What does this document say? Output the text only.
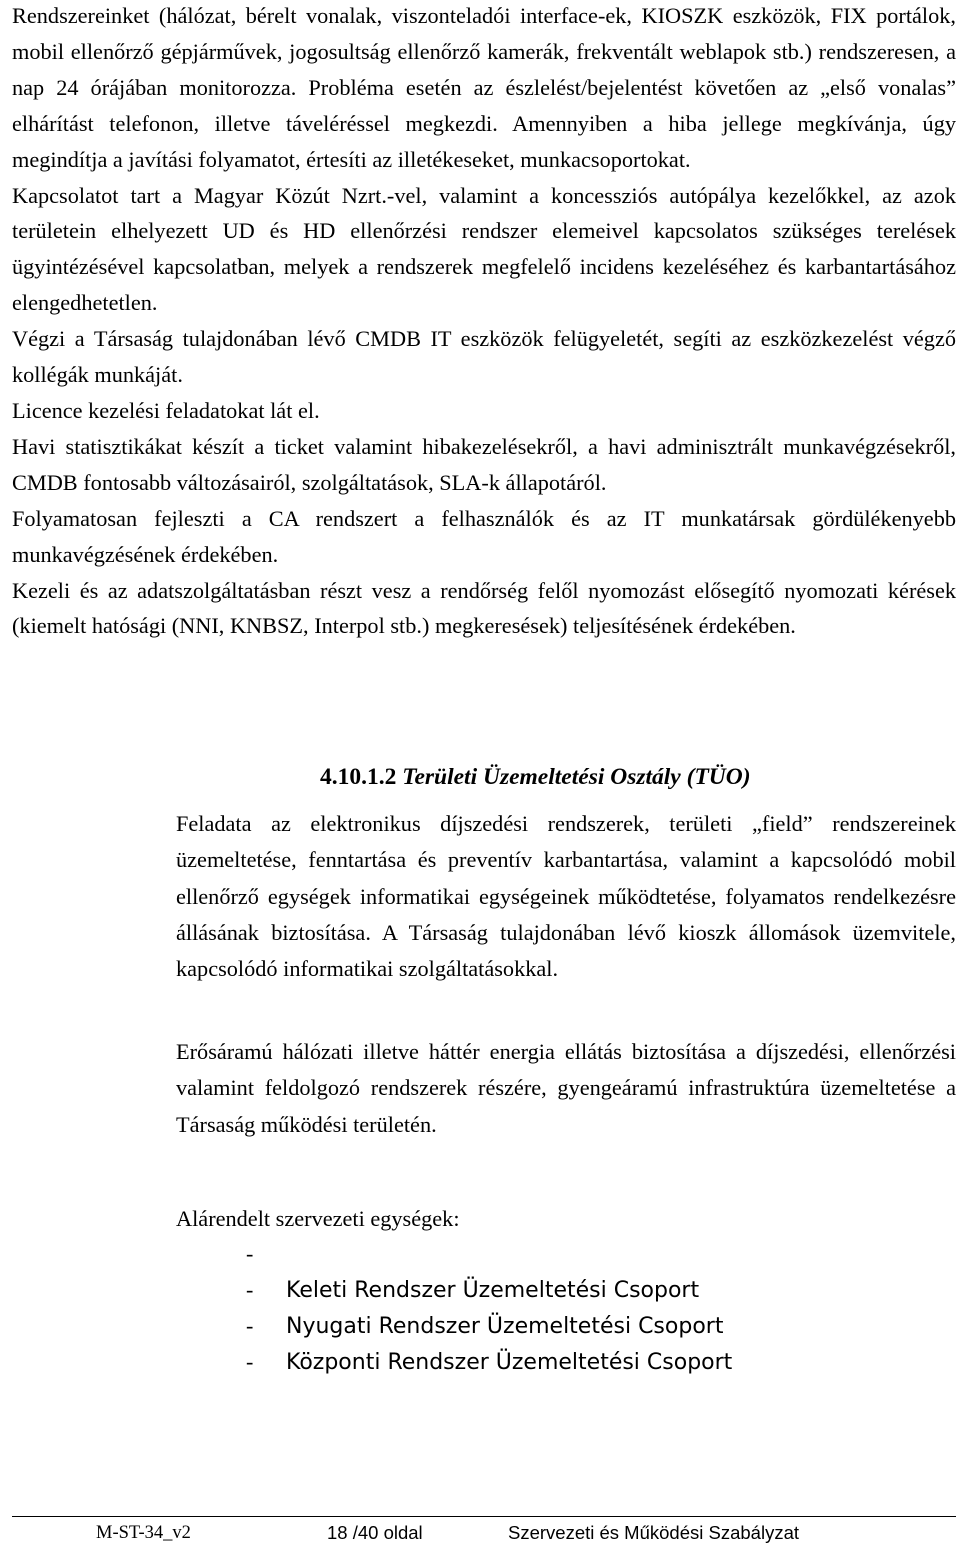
Rendszereinket (hálózat, bérelt vonalak, viszonteladói interface-ek, KIOSZK eszközök, FIX portálok, mobil ellenőrző gépjárművek, jogosultság ellenőrző kamerák, frekventált weblapok stb.) rendszeresen, a nap 24 órájában monitorozza. Probléma esetén az észlelést/bejelentést követően az „első vonalas” elhárítást telefonon, illetve táveléréssel megkezdi. Amennyiben a hiba jellege megkívánja, úgy megindítja a javítási folyamatot, értesíti az illetékeseket, munkacsoportokat.

Kapcsolatot tart a Magyar Közút Nzrt.-vel, valamint a koncessziós autópálya kezelőkkel, az azok területein elhelyezett UD és HD ellenőrzési rendszer elemeivel kapcsolatos szükséges terelések ügyintézésével kapcsolatban, melyek a rendszerek megfelelő incidens kezeléséhez és karbantartásához elengedhetetlen.

Végzi a Társaság tulajdonában lévő CMDB IT eszközök felügyeletét, segíti az eszközkezelést végző kollégák munkáját.

Licence kezelési feladatokat lát el.

Havi statisztikákat készít a ticket valamint hibakezelésekről, a havi adminisztrált munkavégzésekről, CMDB fontosabb változásairól, szolgáltatások, SLA-k állapotáról.

Folyamatosan fejleszti a CA rendszert a felhasználók és az IT munkatársak gördülékenyebb munkavégzésének érdekében.

Kezeli és az adatszolgáltatásban részt vesz a rendőrség felől nyomozást elősegítő nyomozati kérések (kiemelt hatósági (NNI, KNBSZ, Interpol stb.) megkeresések) teljesítésének érdekében.

4.10.1.2 Területi Üzemeltetési Osztály (TÜO)

Feladata az elektronikus díjszedési rendszerek, területi „field” rendszereinek üzemeltetése, fenntartása és preventív karbantartása, valamint a kapcsolódó mobil ellenőrző egységek informatikai egységeinek működtetése, folyamatos rendelkezésre állásának biztosítása. A Társaság tulajdonában lévő kioszk állomások üzemvitele, kapcsolódó informatikai szolgáltatásokkal.

Erősáramú hálózati illetve háttér energia ellátás biztosítása a díjszedési, ellenőrzési valamint feldolgozó rendszerek részére, gyengeáramú infrastruktúra üzemeltetése a Társaság működési területén.

Alárendelt szervezeti egységek:

-
- Keleti Rendszer Üzemeltetési Csoport
- Nyugati Rendszer Üzemeltetési Csoport
- Központi Rendszer Üzemeltetési Csoport
M-ST-34_v2	18 /40 oldal	Szervezeti és Működési Szabályzat
